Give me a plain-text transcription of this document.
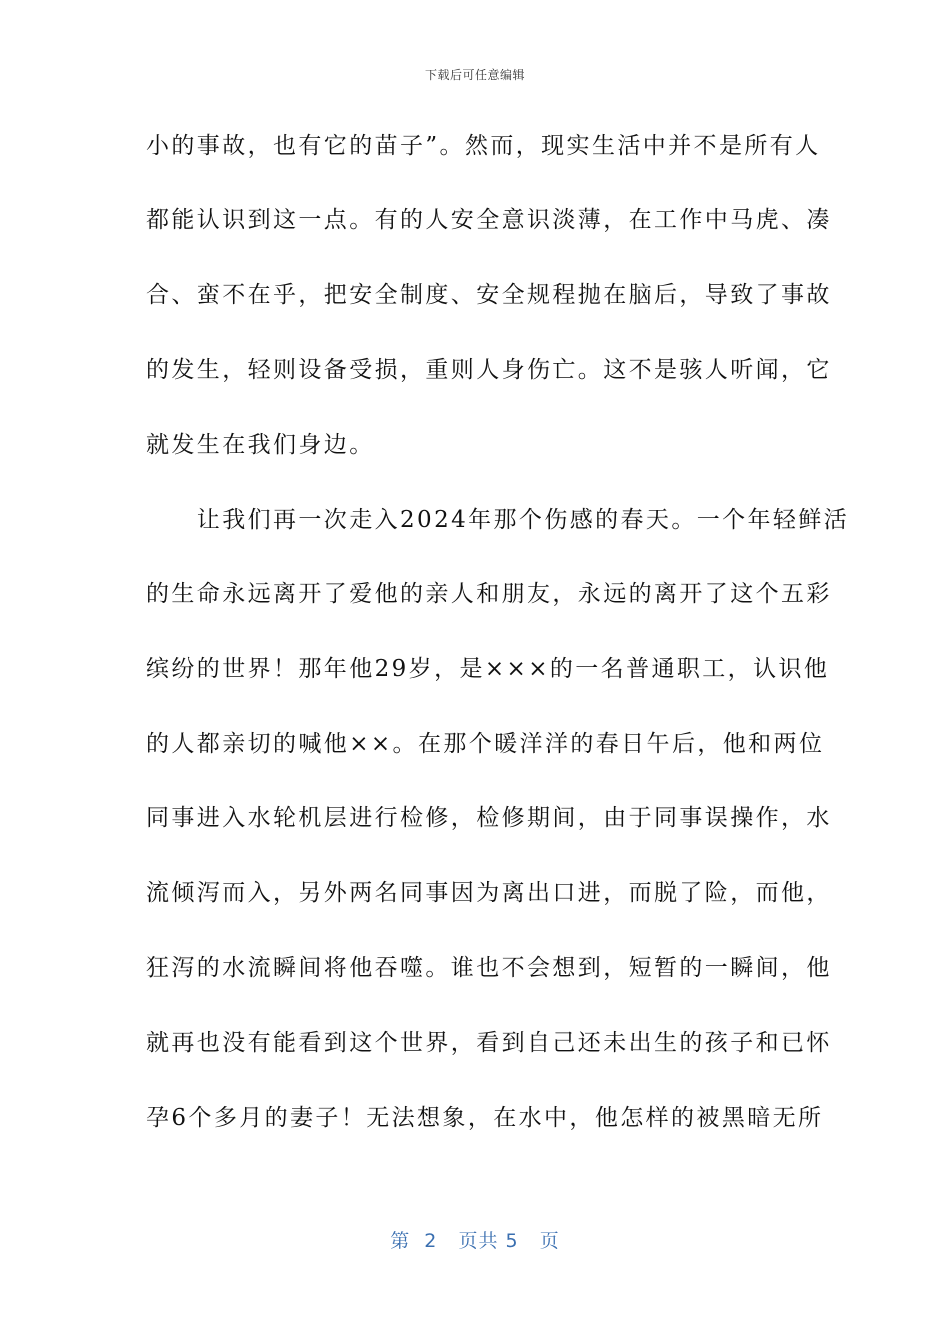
下载后可任意编辑
小的事故，也有它的苗子”。然而，现实生活中并不是所有人
都能认识到这一点。有的人安全意识淡薄，在工作中马虎、凑
合、蛮不在乎，把安全制度、安全规程抛在脑后，导致了事故
的发生，轻则设备受损，重则人身伤亡。这不是骇人听闻，它
就发生在我们身边。
　　让我们再一次走入2024年那个伤感的春天。一个年轻鲜活
的生命永远离开了爱他的亲人和朋友，永远的离开了这个五彩
缤纷的世界！那年他29岁，是×××的一名普通职工，认识他
的人都亲切的喊他××。在那个暖洋洋的春日午后，他和两位
同事进入水轮机层进行检修，检修期间，由于同事误操作，水
流倾泻而入，另外两名同事因为离出口进，而脱了险，而他，
狂泻的水流瞬间将他吞噬。谁也不会想到，短暂的一瞬间，他
就再也没有能看到这个世界，看到自己还未出生的孩子和已怀
孕6个多月的妻子！无法想象，在水中，他怎样的被黑暗无所
第  2   页共 5   页
